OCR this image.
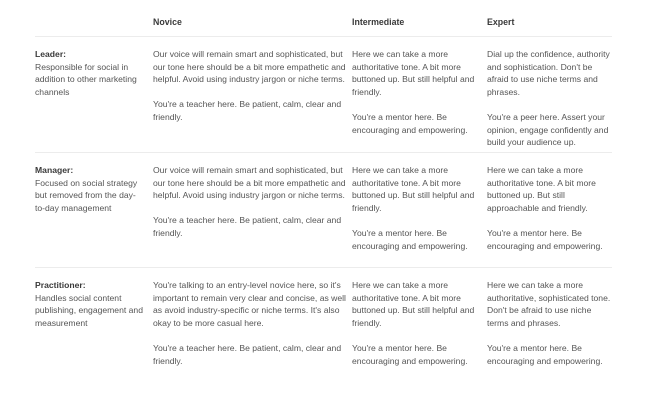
Novice	Intermediate	Expert
Leader:
Responsible for social in addition to other marketing channels
Our voice will remain smart and sophisticated, but our tone here should be a bit more empathetic and helpful. Avoid using industry jargon or niche terms.
You're a teacher here. Be patient, calm, clear and friendly.
Here we can take a more authoritative tone. A bit more buttoned up. But still helpful and friendly.
You're a mentor here. Be encouraging and empowering.
Dial up the confidence, authority and sophistication. Don't be afraid to use niche terms and phrases.
You're a peer here. Assert your opinion, engage confidently and build your audience up.
Manager:
Focused on social strategy but removed from the day-to-day management
Our voice will remain smart and sophisticated, but our tone here should be a bit more empathetic and helpful. Avoid using industry jargon or niche terms.
You're a teacher here. Be patient, calm, clear and friendly.
Here we can take a more authoritative tone. A bit more buttoned up. But still helpful and friendly.
You're a mentor here. Be encouraging and empowering.
Here we can take a more authoritative tone. A bit more buttoned up. But still approachable and friendly.
You're a mentor here. Be encouraging and empowering.
Practitioner:
Handles social content publishing, engagement and measurement
You're talking to an entry-level novice here, so it's important to remain very clear and concise, as well as avoid industry-specific or niche terms. It's also okay to be more casual here.
You're a teacher here. Be patient, calm, clear and friendly.
Here we can take a more authoritative tone. A bit more buttoned up. But still helpful and friendly.
You're a mentor here. Be encouraging and empowering.
Here we can take a more authoritative, sophisticated tone. Don't be afraid to use niche terms and phrases.
You're a mentor here. Be encouraging and empowering.
